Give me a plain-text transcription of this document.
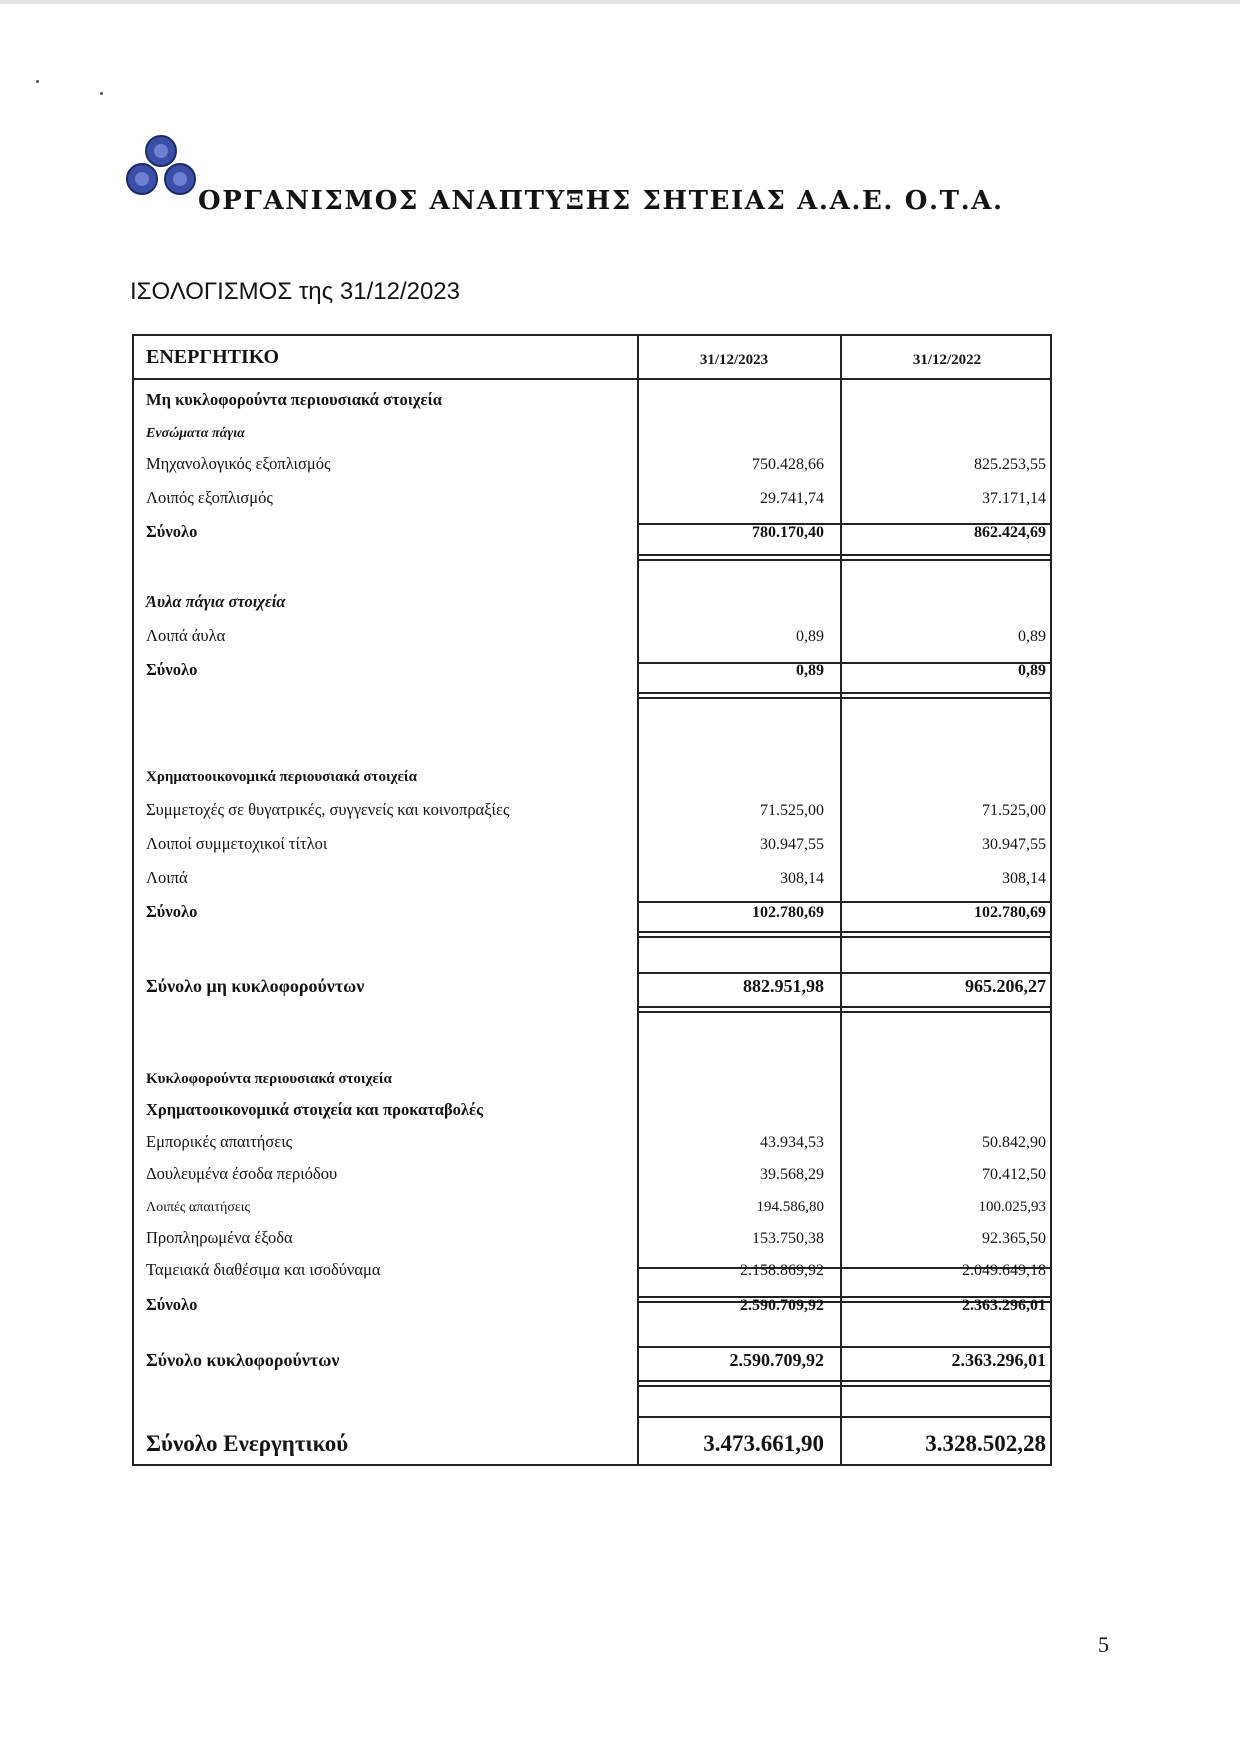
ΟΡΓΑΝΙΣΜΟΣ ΑΝΑΠΤΥΞΗΣ ΣΗΤΕΙΑΣ Α.Α.Ε. Ο.Τ.Α.
ΙΣΟΛΟΓΙΣΜΟΣ της 31/12/2023
ΕΝΕΡΓΗΤΙΚΟ	31/12/2023	31/12/2022
Μη κυκλοφορούντα περιουσιακά στοιχεία
Ενσώματα πάγια
Μηχανολογικός εξοπλισμός	750.428,66	825.253,55
Λοιπός εξοπλισμός	29.741,74	37.171,14
Σύνολο	780.170,40	862.424,69
Άυλα πάγια στοιχεία
Λοιπά άυλα	0,89	0,89
Σύνολο	0,89	0,89
Χρηματοοικονομικά περιουσιακά στοιχεία
Συμμετοχές σε θυγατρικές, συγγενείς και κοινοπραξίες	71.525,00	71.525,00
Λοιποί συμμετοχικοί τίτλοι	30.947,55	30.947,55
Λοιπά	308,14	308,14
Σύνολο	102.780,69	102.780,69
Σύνολο μη κυκλοφορούντων	882.951,98	965.206,27
Κυκλοφορούντα περιουσιακά στοιχεία
Χρηματοοικονομικά στοιχεία και προκαταβολές
Εμπορικές απαιτήσεις	43.934,53	50.842,90
Δουλευμένα έσοδα περιόδου	39.568,29	70.412,50
Λοιπές απαιτήσεις	194.586,80	100.025,93
Προπληρωμένα έξοδα	153.750,38	92.365,50
Ταμειακά διαθέσιμα και ισοδύναμα	2.158.869,92	2.049.649,18
Σύνολο	2.590.709,92	2.363.296,01
Σύνολο κυκλοφορούντων	2.590.709,92	2.363.296,01
Σύνολο Ενεργητικού	3.473.661,90	3.328.502,28
5
